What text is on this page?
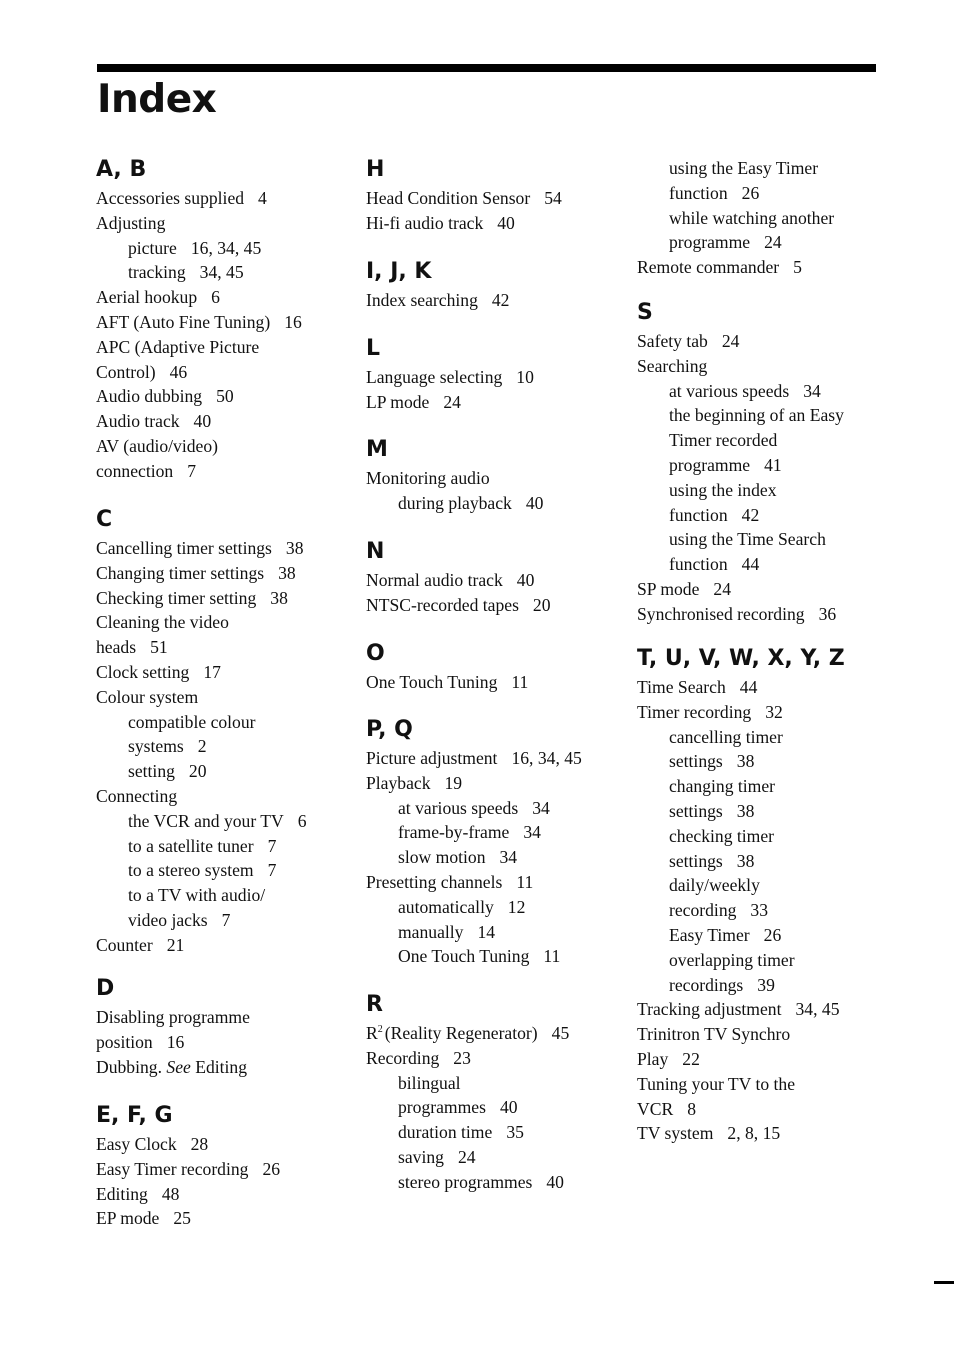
Index
A, B

Accessories supplied 4

Adjusting

picture 16, 34, 45

tracking 34, 45

Aerial hookup 6

AFT (Auto Fine Tuning) 16

APC (Adaptive Picture

Control) 46

Audio dubbing 50

Audio track 40

AV (audio/video)

connection 7

C

Cancelling timer settings 38

Changing timer settings 38

Checking timer setting 38

Cleaning the video

heads 51

Clock setting 17

Colour system

compatible colour

systems 2

setting 20

Connecting

the VCR and your TV 6

to a satellite tuner 7

to a stereo system 7

to a TV with audio/

video jacks 7

Counter 21

D

Disabling programme

position 16

Dubbing. See Editing

E, F, G

Easy Clock 28

Easy Timer recording 26

Editing 48

EP mode 25

H

Head Condition Sensor 54

Hi-fi audio track 40

I, J, K

Index searching 42

L

Language selecting 10

LP mode 24

M

Monitoring audio

during playback 40

N

Normal audio track 40

NTSC-recorded tapes 20

O

One Touch Tuning 11

P, Q

Picture adjustment 16, 34, 45

Playback 19

at various speeds 34

frame-by-frame 34

slow motion 34

Presetting channels 11

automatically 12

manually 14

One Touch Tuning 11

R

$R^2$ (Reality Regenerator) 45

Recording 23

bilingual

programmes 40

duration time 35

saving 24

stereo programmes 40

using the Easy Timer

function 26

while watching another

programme 24

Remote commander 5

S

Safety tab 24

Searching

at various speeds 34

the beginning of an Easy

Timer recorded

programme 41

using the index

function 42

using the Time Search

function 44

SP mode 24

Synchronised recording 36

T, U, V, W, X, Y, Z

Time Search 44

Timer recording 32

cancelling timer

settings 38

changing timer

settings 38

checking timer

settings 38

daily/weekly

recording 33

Easy Timer 26

overlapping timer

recordings 39

Tracking adjustment 34, 45

Trinitron TV Synchro

Play 22

Tuning your TV to the

VCR 8

TV system 2, 8, 15
